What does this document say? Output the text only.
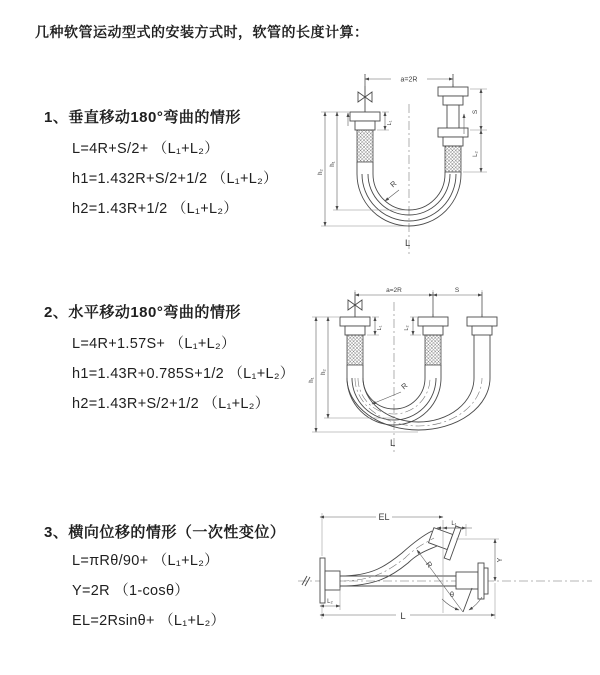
几种软管运动型式的安装方式时，软管的长度计算：
1、垂直移动180°弯曲的情形
L=4R+S/2+ （L₁+L₂）
h1=1.432R+S/2+1/2 （L₁+L₂）
h2=1.43R+1/2 （L₁+L₂）
a=2R
S
L₂
L₁
h₂
h₁
R
L
2、水平移动180°弯曲的情形
L=4R+1.57S+ （L₁+L₂）
h1=1.43R+0.785S+1/2 （L₁+L₂）
h2=1.43R+S/2+1/2 （L₁+L₂）
a=2R	S
L₁	L₂
h₁
h₂
R
L
3、横向位移的情形（一次性变位）
L=πRθ/90+ （L₁+L₂）
Y=2R （1-cosθ）
EL=2Rsinθ+ （L₁+L₂）
R
θ
EL
L₁
Y
L₂
L
